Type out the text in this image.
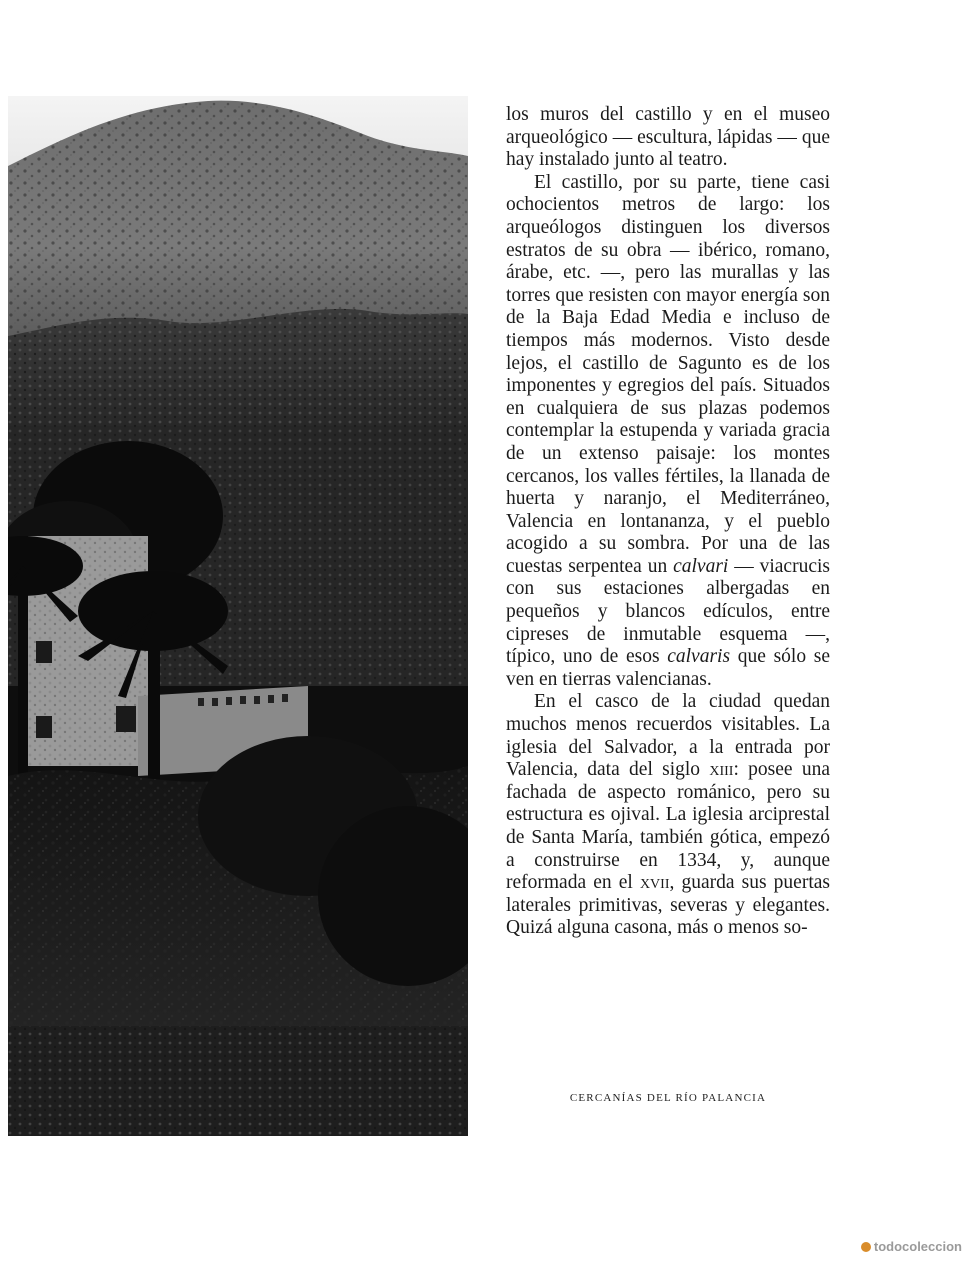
los muros del castillo y en el museo arqueológico — escultura, lápidas — que hay instalado junto al teatro.

El castillo, por su parte, tiene casi ochocientos metros de largo: los arqueólogos distinguen los diversos estratos de su obra — ibérico, romano, árabe, etc. —, pero las murallas y las torres que resisten con mayor energía son de la Baja Edad Media e incluso de tiempos más modernos. Visto desde lejos, el castillo de Sagunto es de los imponentes y egregios del país. Situados en cualquiera de sus plazas podemos contemplar la estupenda y variada gracia de un extenso paisaje: los montes cercanos, los valles fértiles, la llanada de huerta y naranjo, el Mediterráneo, Valencia en lontananza, y el pueblo acogido a su sombra. Por una de las cuestas serpentea un calvari — viacrucis con sus estaciones albergadas en pequeños y blancos edículos, entre cipreses de inmutable esquema —, típico, uno de esos calvaris que sólo se ven en tierras valencianas.

En el casco de la ciudad quedan muchos menos recuerdos visitables. La iglesia del Salvador, a la entrada por Valencia, data del siglo xiii: posee una fachada de aspecto románico, pero su estructura es ojival. La iglesia arciprestal de Santa María, también gótica, empezó a construirse en 1334, y, aunque reformada en el xvii, guarda sus puertas laterales primitivas, severas y elegantes. Quizá alguna casona, más o menos so-

CERCANÍAS DEL RÍO PALANCIA
todocoleccion
